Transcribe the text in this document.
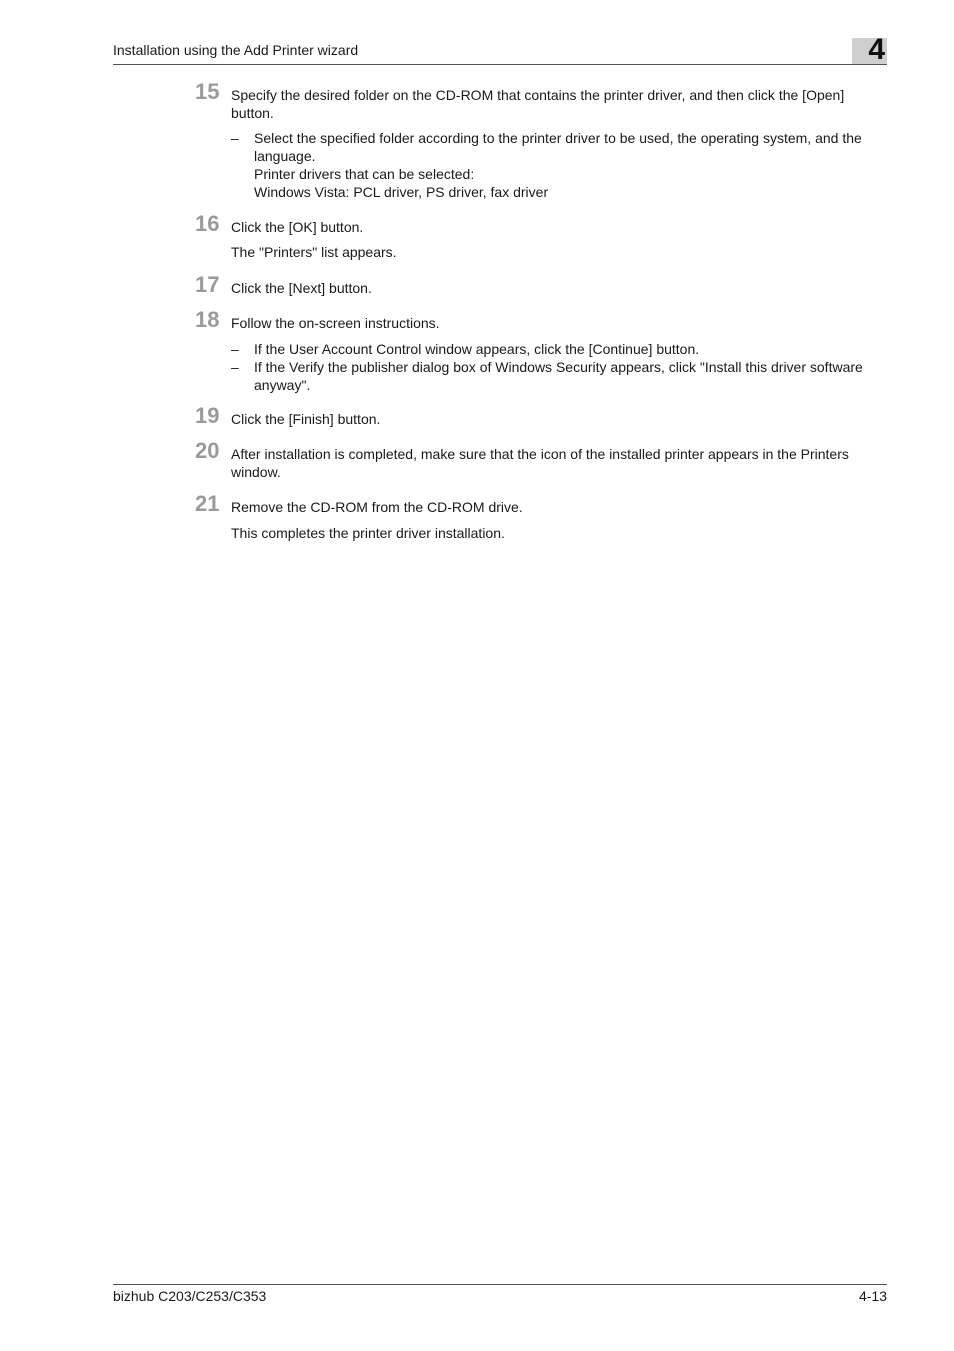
Installation using the Add Printer wizard	4
15 Specify the desired folder on the CD-ROM that contains the printer driver, and then click the [Open] button.
– Select the specified folder according to the printer driver to be used, the operating system, and the language.
Printer drivers that can be selected:
Windows Vista: PCL driver, PS driver, fax driver
16 Click the [OK] button.
The "Printers" list appears.
17 Click the [Next] button.
18 Follow the on-screen instructions.
– If the User Account Control window appears, click the [Continue] button.
– If the Verify the publisher dialog box of Windows Security appears, click "Install this driver software anyway".
19 Click the [Finish] button.
20 After installation is completed, make sure that the icon of the installed printer appears in the Printers window.
21 Remove the CD-ROM from the CD-ROM drive.
This completes the printer driver installation.
bizhub C203/C253/C353	4-13
